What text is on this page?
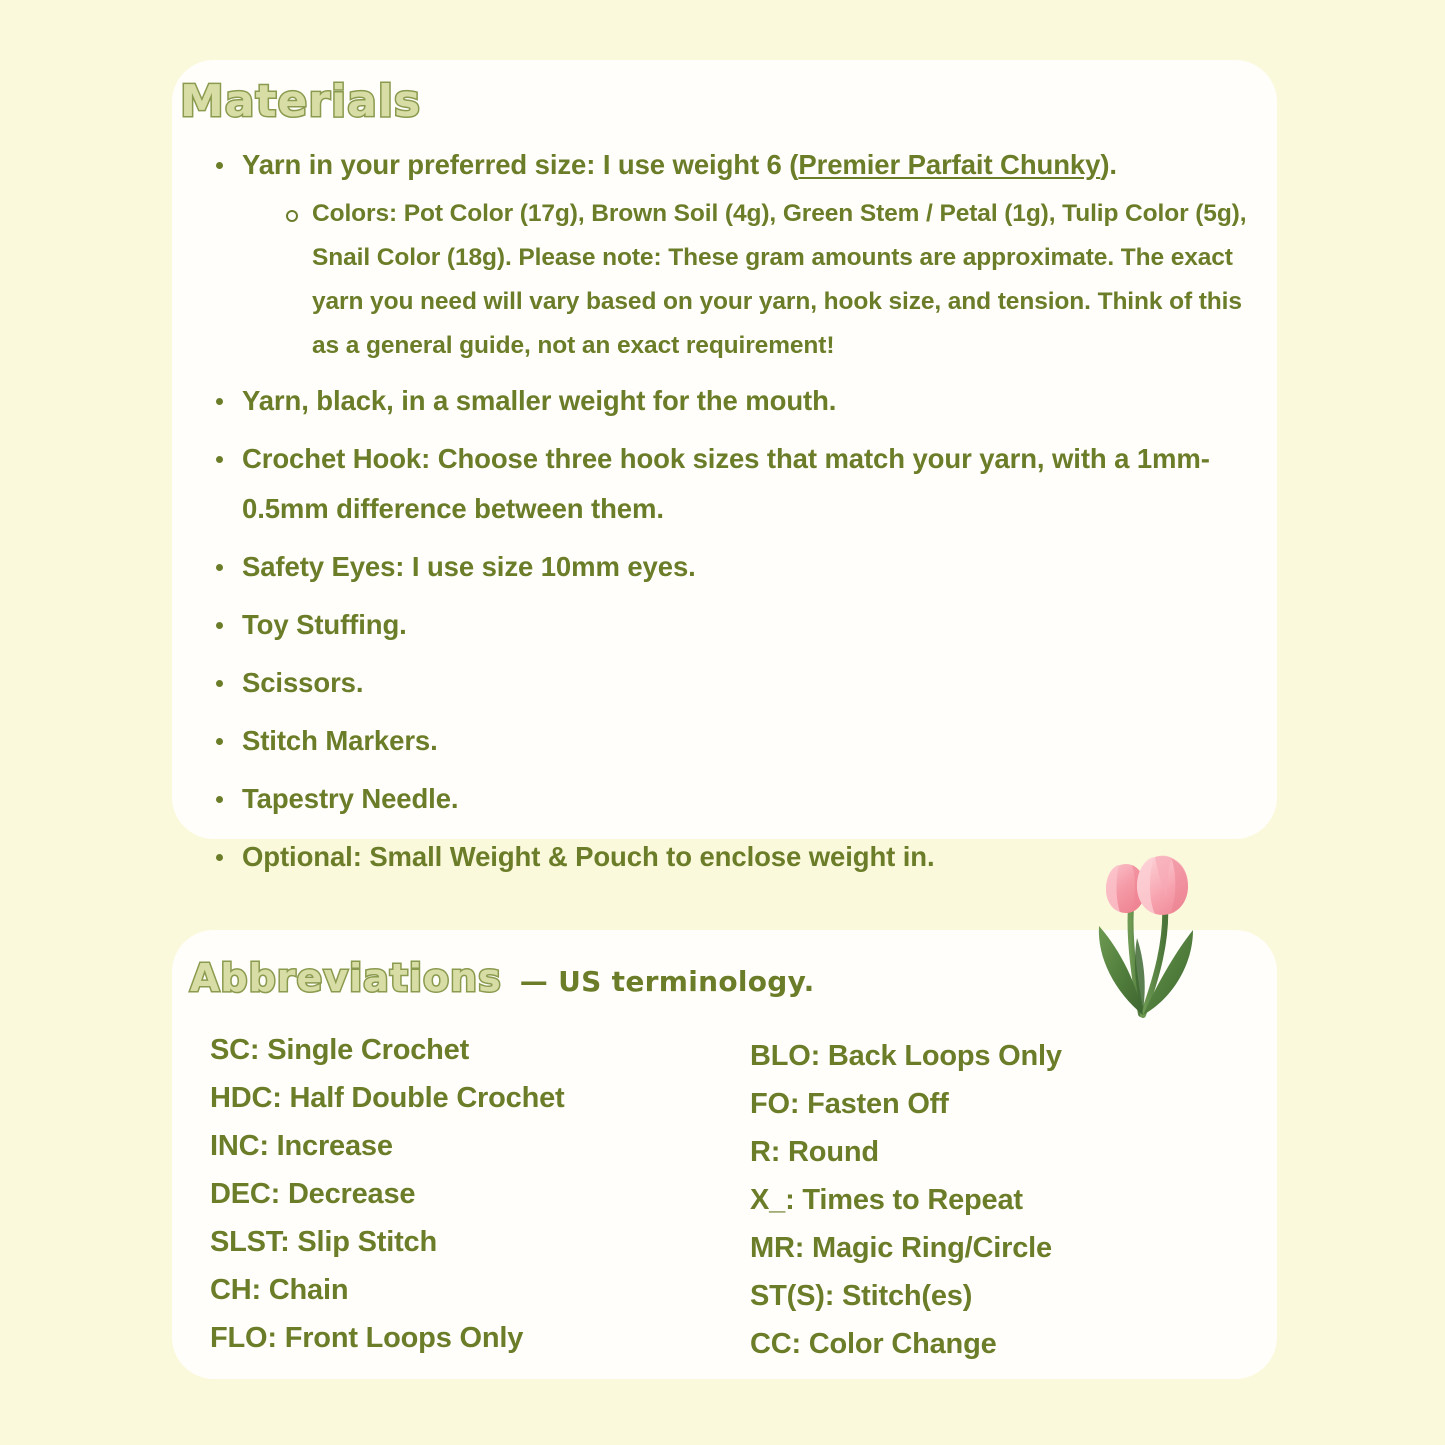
Materials
Yarn in your preferred size: I use weight 6 (Premier Parfait Chunky).
Colors: Pot Color (17g), Brown Soil (4g), Green Stem / Petal (1g), Tulip Color (5g), Snail Color (18g). Please note: These gram amounts are approximate. The exact yarn you need will vary based on your yarn, hook size, and tension. Think of this as a general guide, not an exact requirement!
Yarn, black, in a smaller weight for the mouth.
Crochet Hook: Choose three hook sizes that match your yarn, with a 1mm-0.5mm difference between them.
Safety Eyes: I use size 10mm eyes.
Toy Stuffing.
Scissors.
Stitch Markers.
Tapestry Needle.
Optional: Small Weight & Pouch to enclose weight in.
Abbreviations — US terminology.
SC: Single Crochet
HDC: Half Double Crochet
INC: Increase
DEC: Decrease
SLST: Slip Stitch
CH: Chain
FLO: Front Loops Only
BLO: Back Loops Only
FO: Fasten Off
R: Round
X_: Times to Repeat
MR: Magic Ring/Circle
ST(S): Stitch(es)
CC: Color Change
